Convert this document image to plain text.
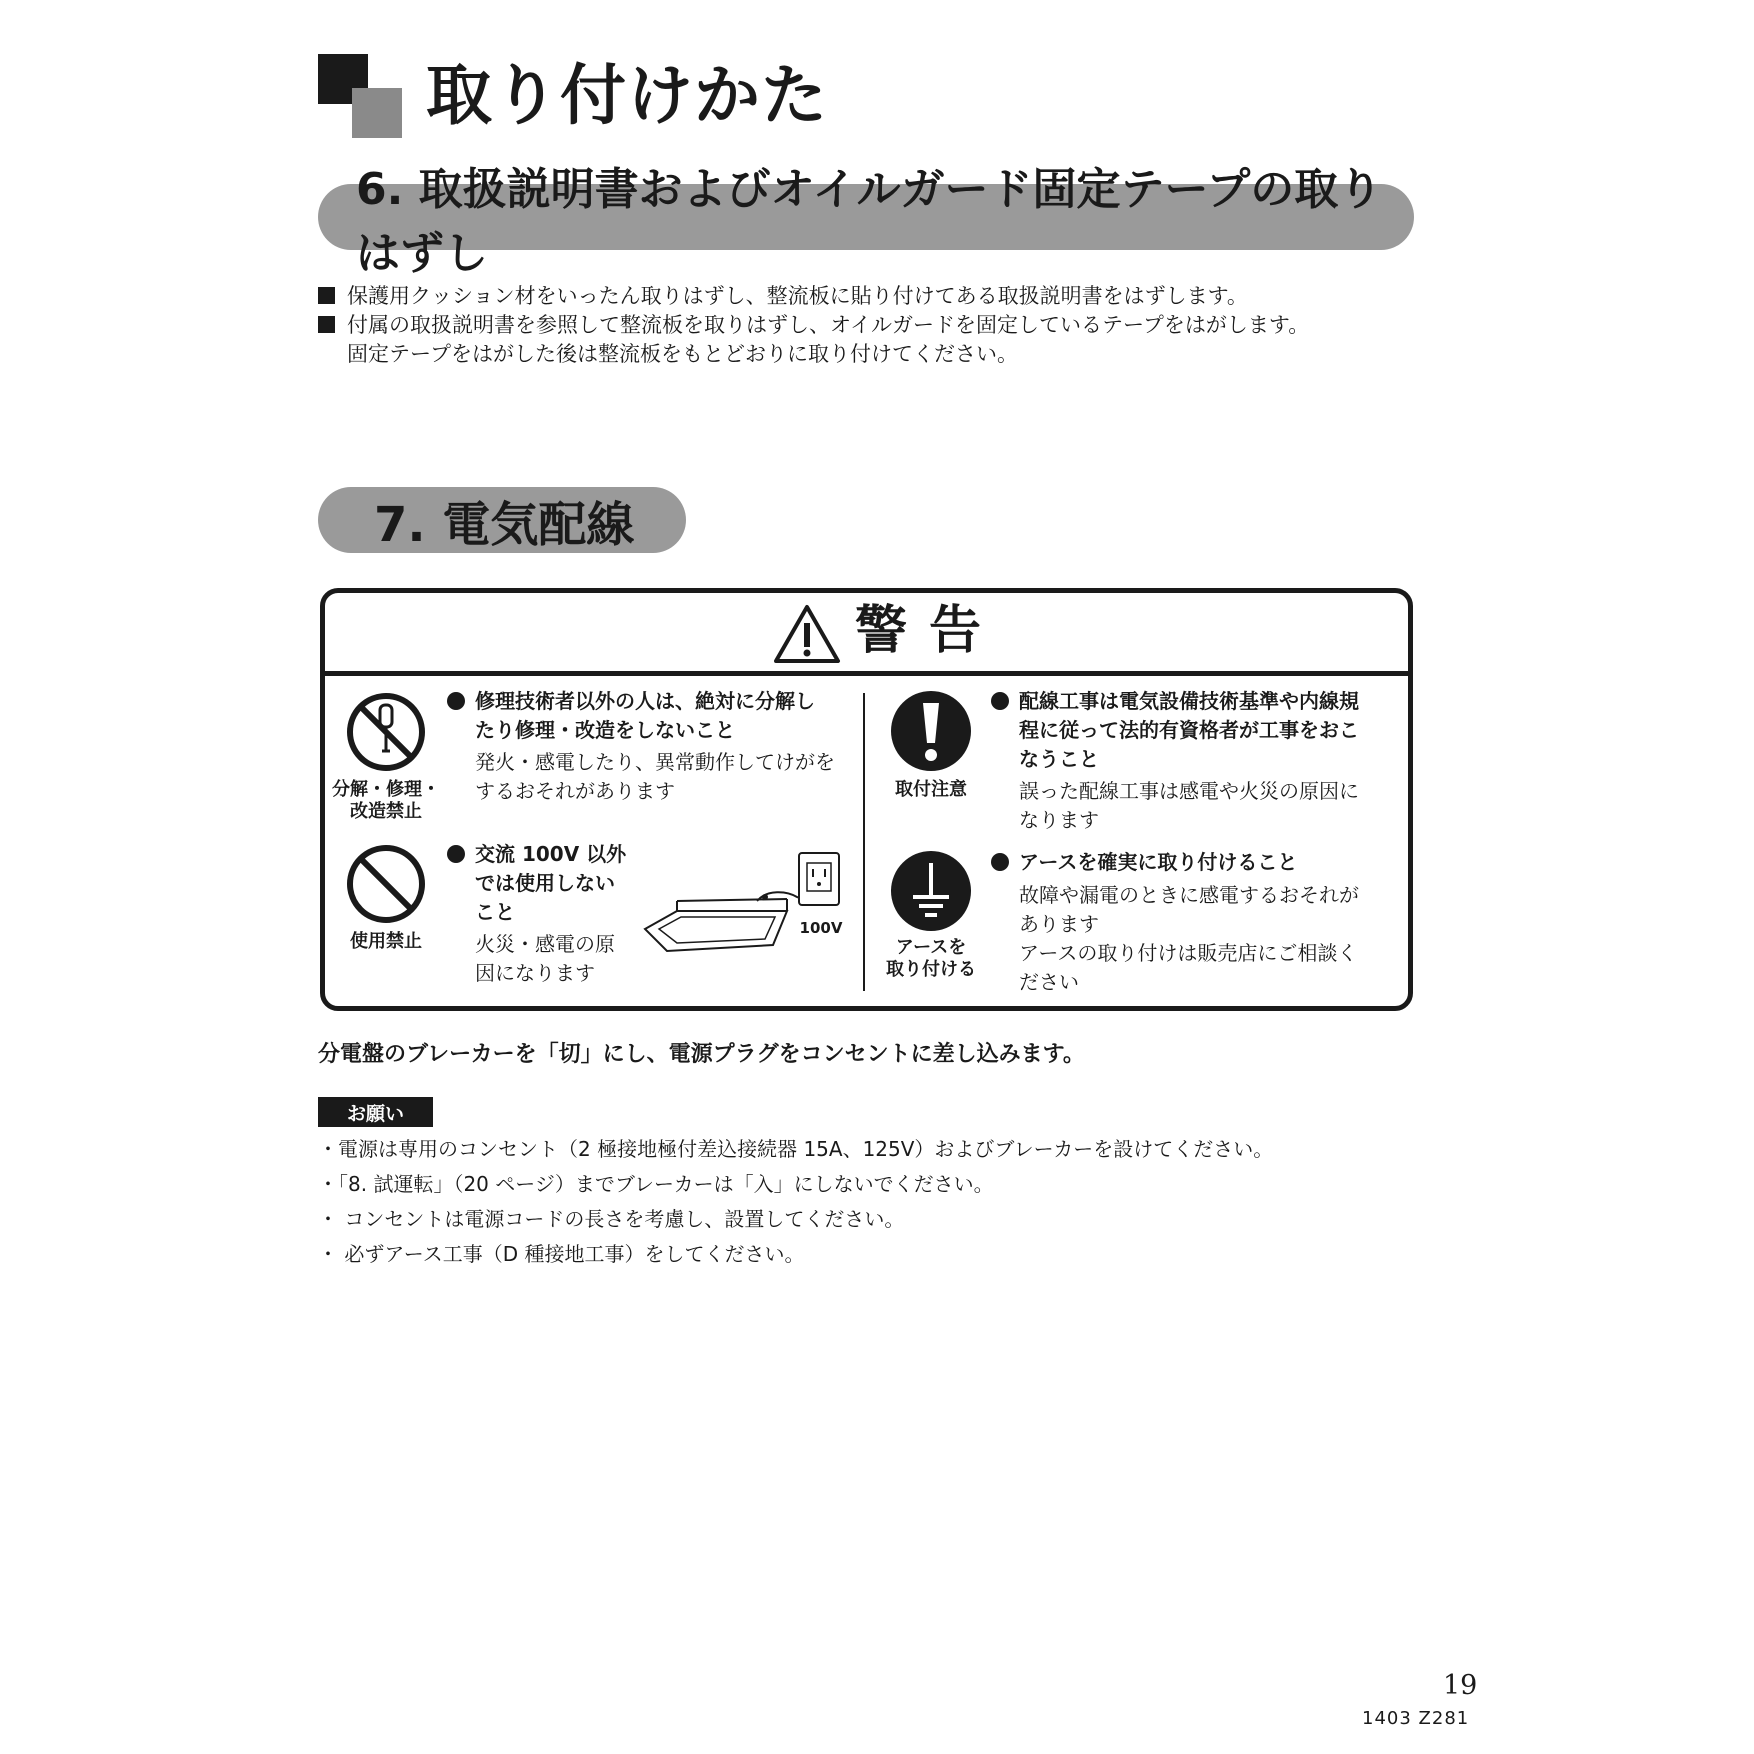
取り付けかた
6. 取扱説明書およびオイルガード固定テープの取りはずし
保護用クッション材をいったん取りはずし、整流板に貼り付けてある取扱説明書をはずします。
付属の取扱説明書を参照して整流板を取りはずし、オイルガードを固定しているテープをはがします。
固定テープをはがした後は整流板をもとどおりに取り付けてください。
7. 電気配線
警告
分解・修理・
改造禁止
修理技術者以外の人は、絶対に分解し
たり修理・改造をしないこと
発火・感電したり、異常動作してけがを
するおそれがあります
使用禁止
交流 100V 以外
では使用しない
こと
火災・感電の原
因になります
100V
取付注意
配線工事は電気設備技術基準や内線規
程に従って法的有資格者が工事をおこ
なうこと
誤った配線工事は感電や火災の原因に
なります
アースを
取り付ける
アースを確実に取り付けること
故障や漏電のときに感電するおそれが
あります
アースの取り付けは販売店にご相談く
ださい
分電盤のブレーカーを「切」にし、電源プラグをコンセントに差し込みます。
お願い
・電源は専用のコンセント（2 極接地極付差込接続器 15A、125V）およびブレーカーを設けてください。
・「8. 試運転」（20 ページ）までブレーカーは「入」にしないでください。
・ コンセントは電源コードの長さを考慮し、設置してください。
・ 必ずアース工事（D 種接地工事）をしてください。
19
1403 Z281
